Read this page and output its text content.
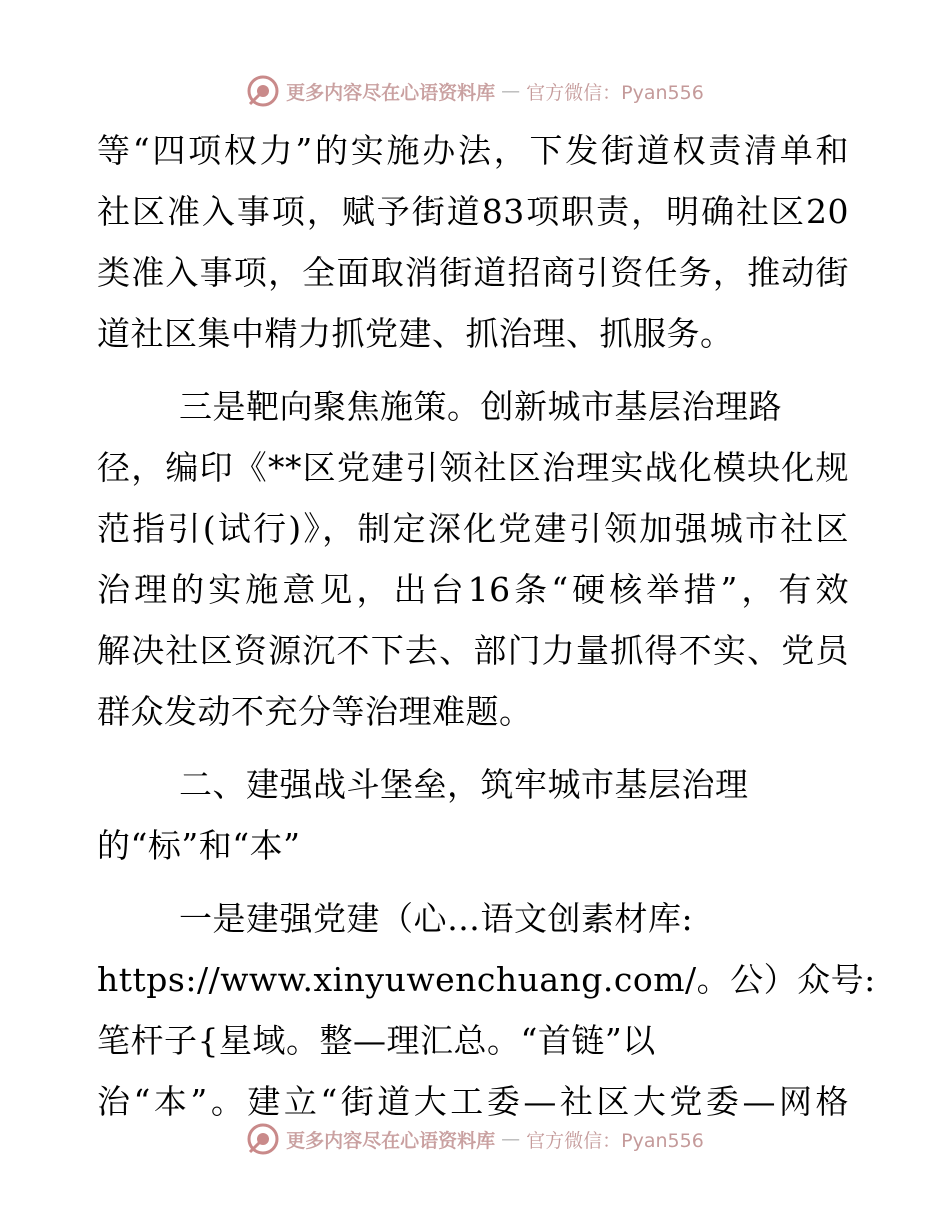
更多内容尽在心语资料库 — 官方微信：Pyan556
等“四项权力”的实施办法，下发街道权责清单和
社区准入事项，赋予街道83项职责，明确社区20
类准入事项，全面取消街道招商引资任务，推动街
道社区集中精力抓党建、抓治理、抓服务。
三是靶向聚焦施策。创新城市基层治理路
径，编印《**区党建引领社区治理实战化模块化规
范指引(试行)》，制定深化党建引领加强城市社区
治理的实施意见，出台16条“硬核举措”，有效
解决社区资源沉不下去、部门力量抓得不实、党员
群众发动不充分等治理难题。
二、建强战斗堡垒，筑牢城市基层治理
的“标”和“本”
一是建强党建（心…语文创素材库:
https://www.xinyuwenchuang.com/。公）众号:
笔杆子{星域。整—理汇总。“首链”以
治“本”。建立“街道大工委—社区大党委—网格
更多内容尽在心语资料库 — 官方微信：Pyan556
